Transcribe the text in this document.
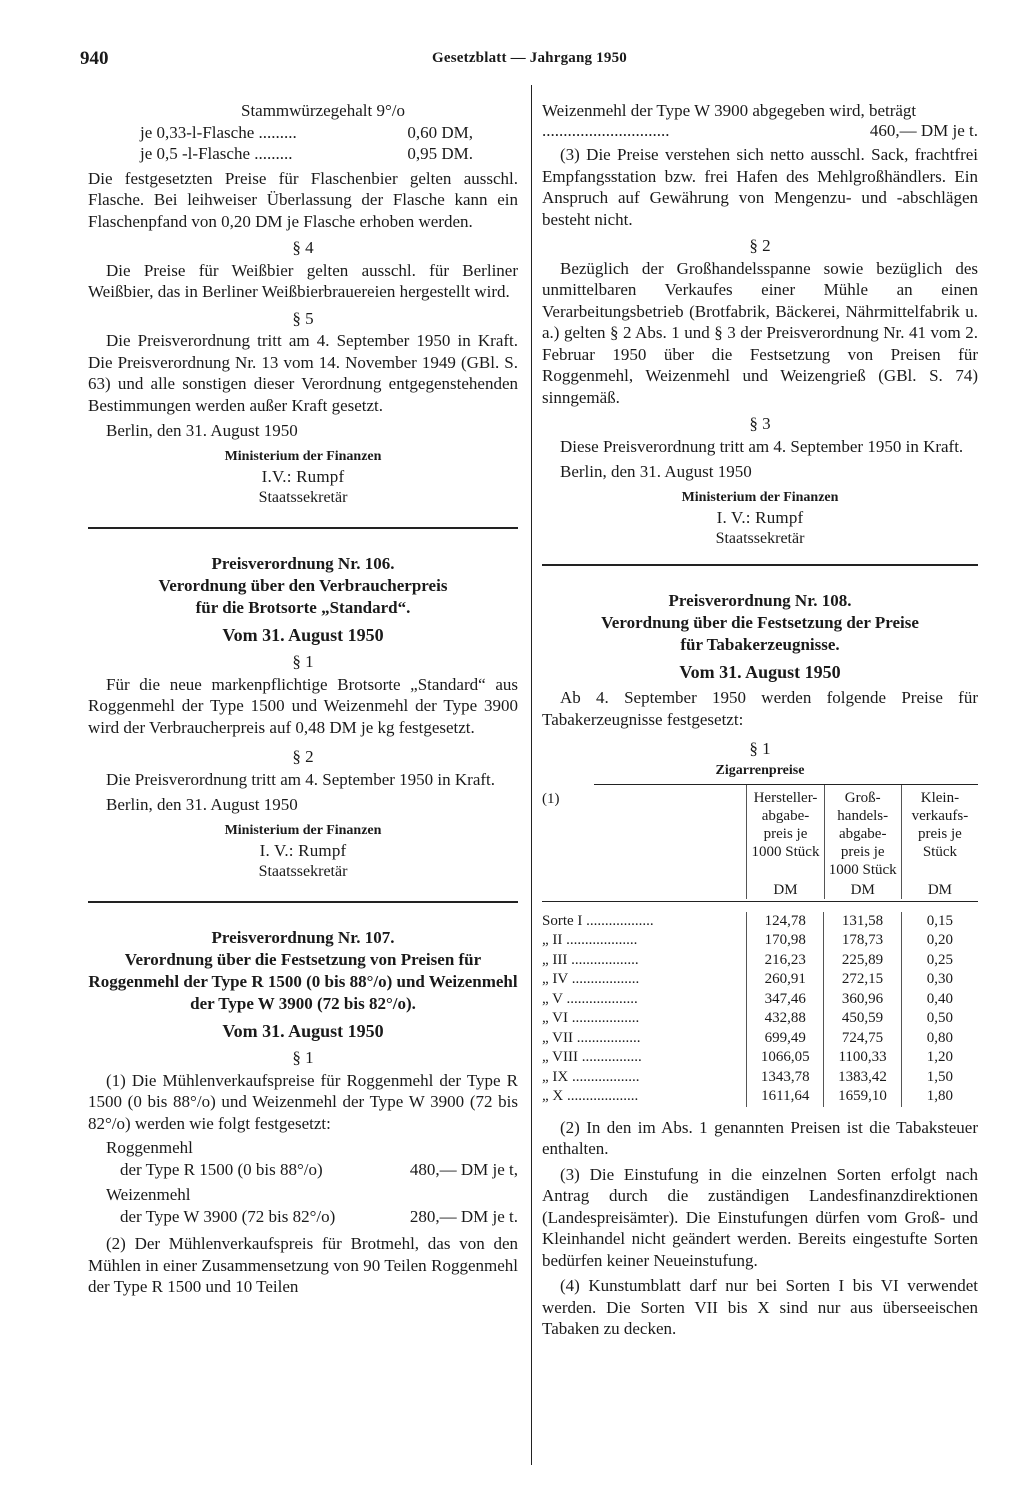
940	Gesetzblatt — Jahrgang 1950
Stammwürzegehalt 9°/o
je 0,33-l-Flasche .........	0,60 DM,
je 0,5 -l-Flasche .........	0,95 DM.
Die festgesetzten Preise für Flaschenbier gelten ausschl. Flasche. Bei leihweiser Überlassung der Flasche kann ein Flaschenpfand von 0,20 DM je Flasche erhoben werden.
§ 4
Die Preise für Weißbier gelten ausschl. für Berliner Weißbier, das in Berliner Weißbierbrauereien hergestellt wird.
§ 5
Die Preisverordnung tritt am 4. September 1950 in Kraft. Die Preisverordnung Nr. 13 vom 14. November 1949 (GBl. S. 63) und alle sonstigen dieser Verordnung entgegenstehenden Bestimmungen werden außer Kraft gesetzt.
Berlin, den 31. August 1950
Ministerium der Finanzen
I.V.: Rumpf
Staatssekretär
Preisverordnung Nr. 106.
Verordnung über den Verbraucherpreis
für die Brotsorte „Standard“.
Vom 31. August 1950
§ 1
Für die neue markenpflichtige Brotsorte „Standard“ aus Roggenmehl der Type 1500 und Weizenmehl der Type 3900 wird der Verbraucherpreis auf 0,48 DM je kg festgesetzt.
§ 2
Die Preisverordnung tritt am 4. September 1950 in Kraft.
Berlin, den 31. August 1950
Ministerium der Finanzen
I. V.: Rumpf
Staatssekretär
Preisverordnung Nr. 107.
Verordnung über die Festsetzung von Preisen für Roggenmehl der Type R 1500 (0 bis 88°/o) und Weizenmehl der Type W 3900 (72 bis 82°/o).
Vom 31. August 1950
§ 1
(1) Die Mühlenverkaufspreise für Roggenmehl der Type R 1500 (0 bis 88°/o) und Weizenmehl der Type W 3900 (72 bis 82°/o) werden wie folgt festgesetzt:
Roggenmehl
der Type R 1500 (0 bis 88°/o)	480,— DM je t,
Weizenmehl
der Type W 3900 (72 bis 82°/o)	280,— DM je t.
(2) Der Mühlenverkaufspreis für Brotmehl, das von den Mühlen in einer Zusammensetzung von 90 Teilen Roggenmehl der Type R 1500 und 10 Teilen
Weizenmehl der Type W 3900 abgegeben wird, beträgt
..............................	460,— DM je t.
(3) Die Preise verstehen sich netto ausschl. Sack, frachtfrei Empfangsstation bzw. frei Hafen des Mehlgroßhändlers. Ein Anspruch auf Gewährung von Mengenzu- und -abschlägen besteht nicht.
§ 2
Bezüglich der Großhandelsspanne sowie bezüglich des unmittelbaren Verkaufes einer Mühle an einen Verarbeitungsbetrieb (Brotfabrik, Bäckerei, Nährmittelfabrik u. a.) gelten § 2 Abs. 1 und § 3 der Preisverordnung Nr. 41 vom 2. Februar 1950 über die Festsetzung von Preisen für Roggenmehl, Weizenmehl und Weizengrieß (GBl. S. 74) sinngemäß.
§ 3
Diese Preisverordnung tritt am 4. September 1950 in Kraft.
Berlin, den 31. August 1950
Ministerium der Finanzen
I. V.: Rumpf
Staatssekretär
Preisverordnung Nr. 108.
Verordnung über die Festsetzung der Preise
für Tabakerzeugnisse.
Vom 31. August 1950
Ab 4. September 1950 werden folgende Preise für Tabakerzeugnisse festgesetzt:
§ 1
Zigarrenpreise
(1)	Hersteller-abgabe-preis je 1000 Stück
DM
Groß-handels-abgabe-preis je 1000 Stück
DM
Klein-verkaufs-preis je Stück
DM
Sorte I ..................	124,78	131,58	0,15
„ II ...................	170,98	178,73	0,20
„ III ..................	216,23	225,89	0,25
„ IV ..................	260,91	272,15	0,30
„ V ...................	347,46	360,96	0,40
„ VI ..................	432,88	450,59	0,50
„ VII .................	699,49	724,75	0,80
„ VIII ................	1066,05	1100,33	1,20
„ IX ..................	1343,78	1383,42	1,50
„ X ...................	1611,64	1659,10	1,80
(2) In den im Abs. 1 genannten Preisen ist die Tabaksteuer enthalten.
(3) Die Einstufung in die einzelnen Sorten erfolgt nach Antrag durch die zuständigen Landesfinanzdirektionen (Landespreisämter). Die Einstufungen dürfen vom Groß- und Kleinhandel nicht geändert werden. Bereits eingestufte Sorten bedürfen keiner Neueinstufung.
(4) Kunstumblatt darf nur bei Sorten I bis VI verwendet werden. Die Sorten VII bis X sind nur aus überseeischen Tabaken zu decken.
